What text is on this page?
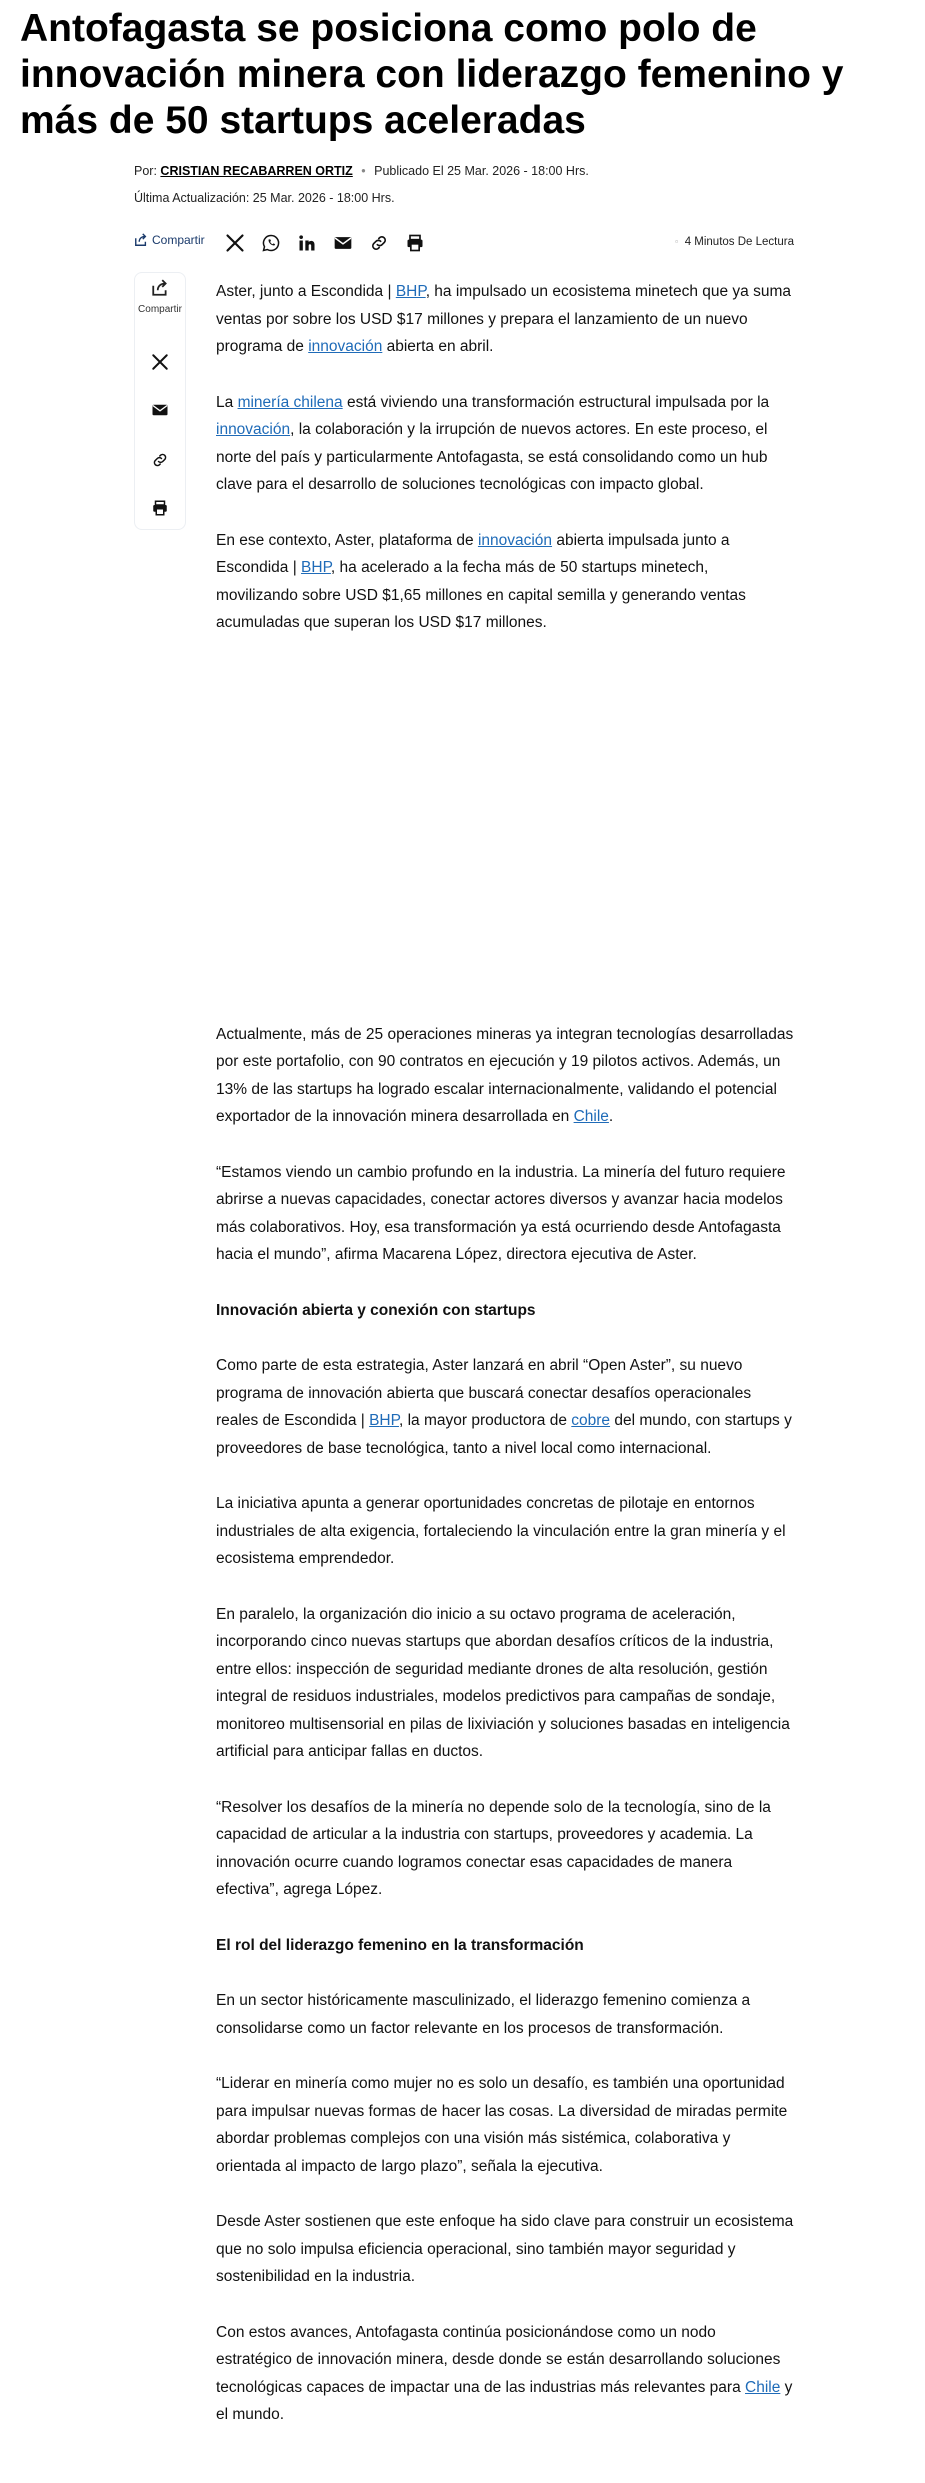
Antofagasta se posiciona como polo de innovación minera con liderazgo femenino y más de 50 startups aceleradas
Por: CRISTIAN RECABARREN ORTIZ • Publicado El 25 Mar. 2026 - 18:00 Hrs.
Última Actualización: 25 Mar. 2026 - 18:00 Hrs.
Compartir	◦ 4 Minutos De Lectura
Compartir

Aster, junto a Escondida | BHP, ha impulsado un ecosistema minetech que ya suma ventas por sobre los USD $17 millones y prepara el lanzamiento de un nuevo programa de innovación abierta en abril.

La minería chilena está viviendo una transformación estructural impulsada por la innovación, la colaboración y la irrupción de nuevos actores. En este proceso, el norte del país y particularmente Antofagasta, se está consolidando como un hub clave para el desarrollo de soluciones tecnológicas con impacto global.

En ese contexto, Aster, plataforma de innovación abierta impulsada junto a Escondida | BHP, ha acelerado a la fecha más de 50 startups minetech, movilizando sobre USD $1,65 millones en capital semilla y generando ventas acumuladas que superan los USD $17 millones.

Actualmente, más de 25 operaciones mineras ya integran tecnologías desarrolladas por este portafolio, con 90 contratos en ejecución y 19 pilotos activos. Además, un 13% de las startups ha logrado escalar internacionalmente, validando el potencial exportador de la innovación minera desarrollada en Chile.

“Estamos viendo un cambio profundo en la industria. La minería del futuro requiere abrirse a nuevas capacidades, conectar actores diversos y avanzar hacia modelos más colaborativos. Hoy, esa transformación ya está ocurriendo desde Antofagasta hacia el mundo”, afirma Macarena López, directora ejecutiva de Aster.

Innovación abierta y conexión con startups

Como parte de esta estrategia, Aster lanzará en abril “Open Aster”, su nuevo programa de innovación abierta que buscará conectar desafíos operacionales reales de Escondida | BHP, la mayor productora de cobre del mundo, con startups y proveedores de base tecnológica, tanto a nivel local como internacional.

La iniciativa apunta a generar oportunidades concretas de pilotaje en entornos industriales de alta exigencia, fortaleciendo la vinculación entre la gran minería y el ecosistema emprendedor.

En paralelo, la organización dio inicio a su octavo programa de aceleración, incorporando cinco nuevas startups que abordan desafíos críticos de la industria, entre ellos: inspección de seguridad mediante drones de alta resolución, gestión integral de residuos industriales, modelos predictivos para campañas de sondaje, monitoreo multisensorial en pilas de lixiviación y soluciones basadas en inteligencia artificial para anticipar fallas en ductos.

“Resolver los desafíos de la minería no depende solo de la tecnología, sino de la capacidad de articular a la industria con startups, proveedores y academia. La innovación ocurre cuando logramos conectar esas capacidades de manera efectiva”, agrega López.

El rol del liderazgo femenino en la transformación

En un sector históricamente masculinizado, el liderazgo femenino comienza a consolidarse como un factor relevante en los procesos de transformación.

“Liderar en minería como mujer no es solo un desafío, es también una oportunidad para impulsar nuevas formas de hacer las cosas. La diversidad de miradas permite abordar problemas complejos con una visión más sistémica, colaborativa y orientada al impacto de largo plazo”, señala la ejecutiva.

Desde Aster sostienen que este enfoque ha sido clave para construir un ecosistema que no solo impulsa eficiencia operacional, sino también mayor seguridad y sostenibilidad en la industria.

Con estos avances, Antofagasta continúa posicionándose como un nodo estratégico de innovación minera, desde donde se están desarrollando soluciones tecnológicas capaces de impactar una de las industrias más relevantes para Chile y el mundo.
